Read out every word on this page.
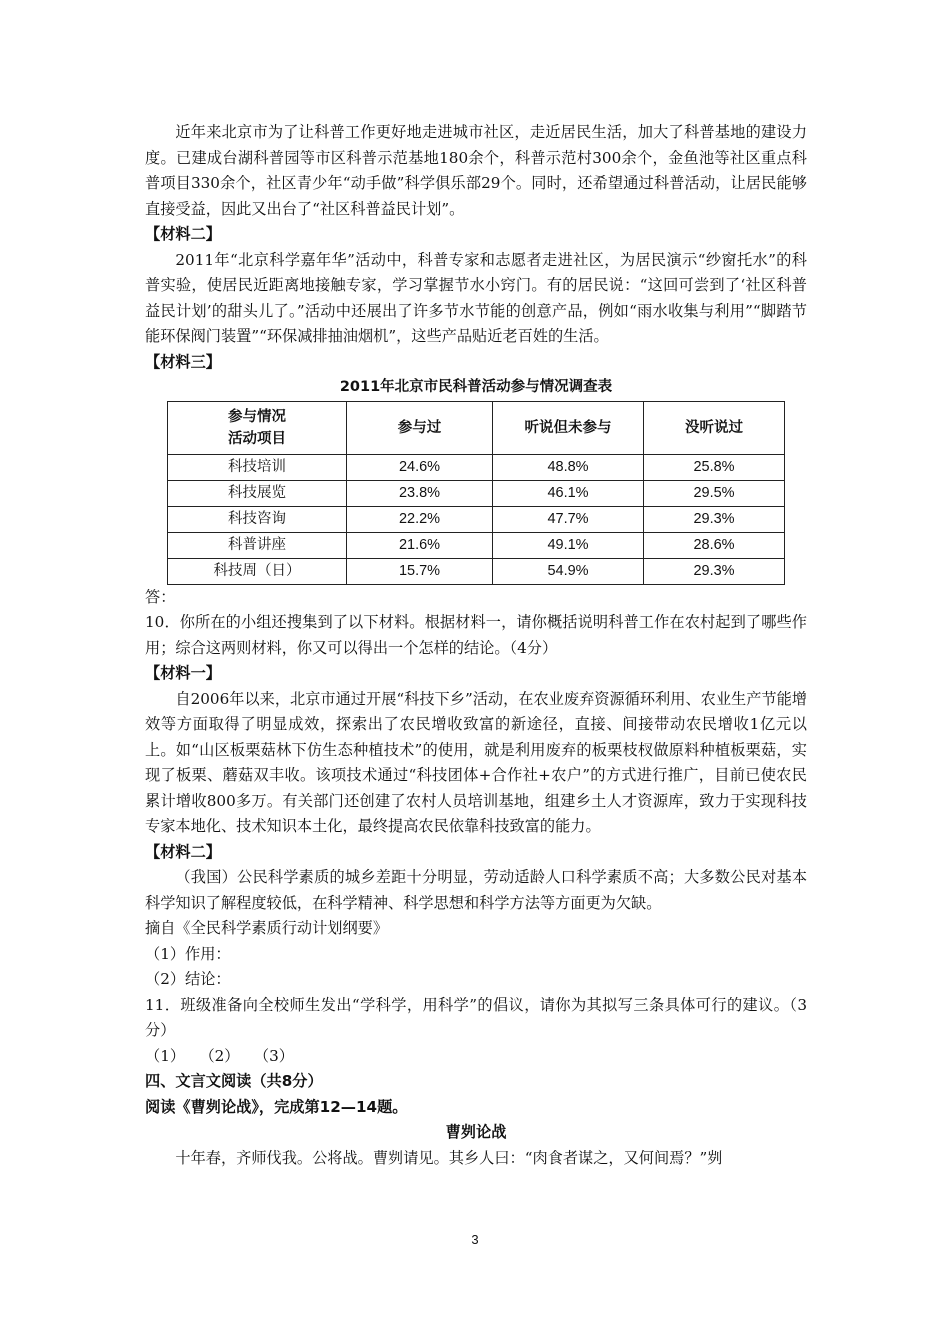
近年来北京市为了让科普工作更好地走进城市社区，走近居民生活，加大了科普基地的建设力度。已建成台湖科普园等市区科普示范基地180余个，科普示范村300余个，金鱼池等社区重点科普项目330余个，社区青少年“动手做”科学俱乐部29个。同时，还希望通过科普活动，让居民能够直接受益，因此又出台了“社区科普益民计划”。

【材料二】

2011年“北京科学嘉年华”活动中，科普专家和志愿者走进社区，为居民演示“纱窗托水”的科普实验，使居民近距离地接触专家，学习掌握节水小窍门。有的居民说：“这回可尝到了‘社区科普益民计划’的甜头儿了。”活动中还展出了许多节水节能的创意产品，例如“雨水收集与利用”“脚踏节能环保阀门装置”“环保减排抽油烟机”，这些产品贴近老百姓的生活。

【材料三】

2011年北京市民科普活动参与情况调查表

参与情况
活动项目	参与过	听说但未参与	没听说过
科技培训	24.6%	48.8%	25.8%
科技展览	23.8%	46.1%	29.5%
科技咨询	22.2%	47.7%	29.3%
科普讲座	21.6%	49.1%	28.6%
科技周（日）	15.7%	54.9%	29.3%

答：

10．你所在的小组还搜集到了以下材料。根据材料一，请你概括说明科普工作在农村起到了哪些作用；综合这两则材料，你又可以得出一个怎样的结论。（4分）

【材料一】

自2006年以来，北京市通过开展“科技下乡”活动，在农业废弃资源循环利用、农业生产节能增效等方面取得了明显成效，探索出了农民增收致富的新途径，直接、间接带动农民增收1亿元以上。如“山区板栗菇林下仿生态种植技术”的使用，就是利用废弃的板栗枝杈做原料种植板栗菇，实现了板栗、蘑菇双丰收。该项技术通过“科技团体+合作社+农户”的方式进行推广，目前已使农民累计增收800多万。有关部门还创建了农村人员培训基地，组建乡土人才资源库，致力于实现科技专家本地化、技术知识本土化，最终提高农民依靠科技致富的能力。

【材料二】

（我国）公民科学素质的城乡差距十分明显，劳动适龄人口科学素质不高；大多数公民对基本科学知识了解程度较低，在科学精神、科学思想和科学方法等方面更为欠缺。

摘自《全民科学素质行动计划纲要》

（1）作用：

（2）结论：

11．班级准备向全校师生发出“学科学，用科学”的倡议，请你为其拟写三条具体可行的建议。（3分）

（1） （2） （3）

四、文言文阅读（共8分）

阅读《曹刿论战》，完成第12—14题。

曹刿论战

十年春，齐师伐我。公将战。曹刿请见。其乡人曰：“肉食者谋之，又何间焉？”刿

3
